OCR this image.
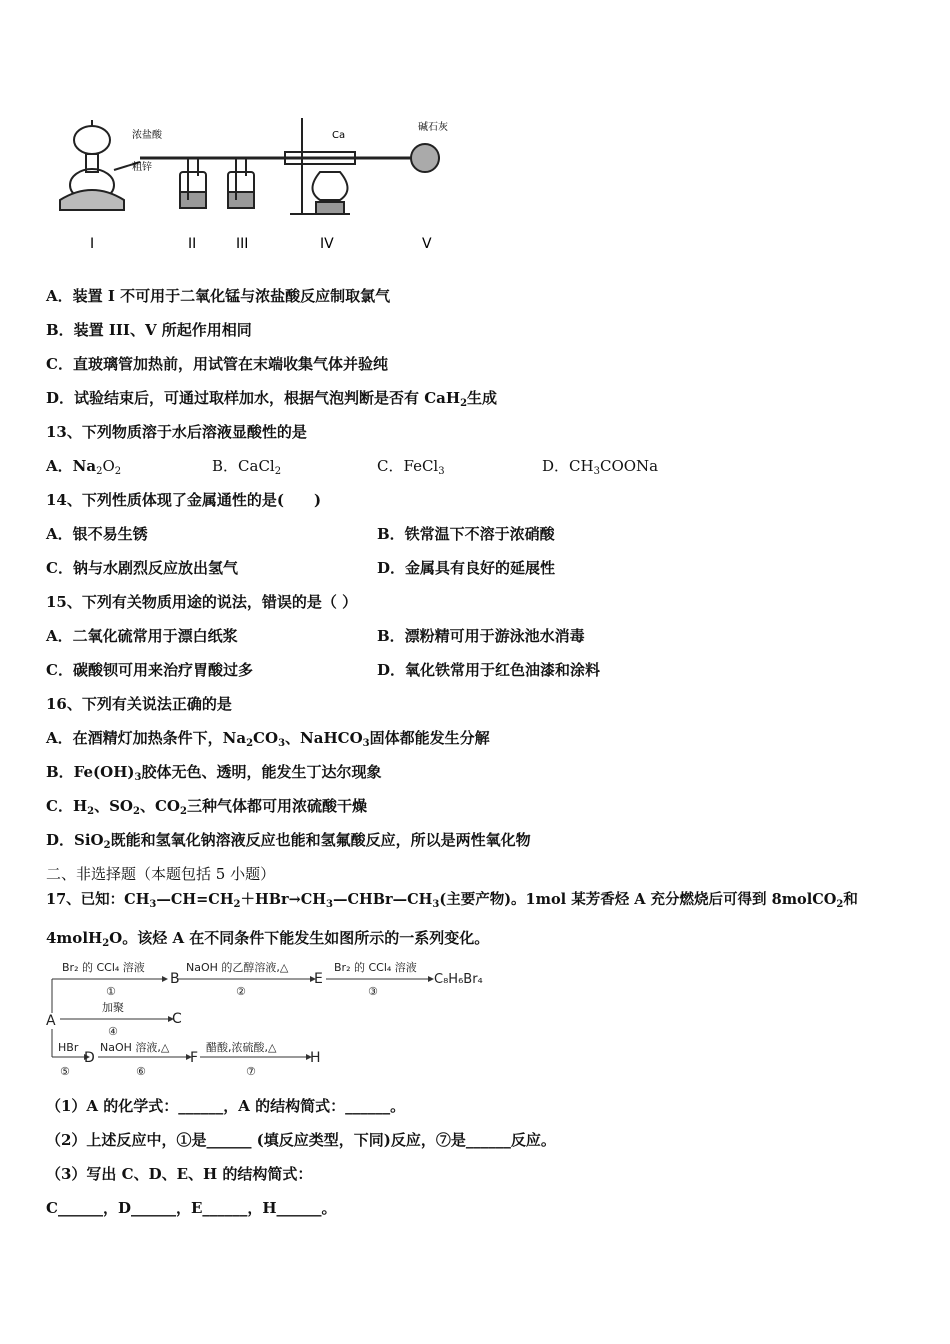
浓盐酸
粗锌
Ca
碱石灰
I	II	III	IV	V
A．装置 I 不可用于二氧化锰与浓盐酸反应制取氯气
B．装置 III、V 所起作用相同
C．直玻璃管加热前，用试管在末端收集气体并验纯
D．试验结束后，可通过取样加水，根据气泡判断是否有 CaH$_2$生成
13、下列物质溶于水后溶液显酸性的是
A．$Na_2O_2$	B．CaCl$_2$	C．FeCl$_3$	D．$CH_3COONa$
14、下列性质体现了金属通性的是(　　)
A．银不易生锈	B．铁常温下不溶于浓硝酸
C．钠与水剧烈反应放出氢气	D．金属具有良好的延展性
15、下列有关物质用途的说法，错误的是（ ）
A．二氧化硫常用于漂白纸浆	B．漂粉精可用于游泳池水消毒
C．碳酸钡可用来治疗胃酸过多	D．氧化铁常用于红色油漆和涂料
16、下列有关说法正确的是
A．在酒精灯加热条件下，$Na_2CO_3$、NaHCO$_3$固体都能发生分解
B．$Fe(OH)_3$胶体无色、透明，能发生丁达尔现象
C．$H_2$、$SO_2$、$CO_2$三种气体都可用浓硫酸干燥
D．SiO$_2$既能和氢氧化钠溶液反应也能和氢氟酸反应，所以是两性氧化物
二、非选择题（本题包括 5 小题）
17、已知：$CH_3—CH=CH_2+HBr\to CH_3—CHBr—CH_3$(主要产物)。1mol 某芳香烃 A 充分燃烧后可得到 8molCO$_2$和
4molH$_2$O。该烃 A 在不同条件下能发生如图所示的一系列变化。
Br₂ 的 CCl₄ 溶液
①
B
NaOH 的乙醇溶液,△
②
E
Br₂ 的 CCl₄ 溶液
③
C₈H₆Br₄
A
加聚
④
C
HBr
⑤
D
NaOH 溶液,△
⑥
F
醋酸,浓硫酸,△
⑦
H
（1）A 的化学式：______，A 的结构简式：______。
（2）上述反应中，①是______ (填反应类型，下同)反应，⑦是______反应。
（3）写出 C、D、E、H 的结构简式：
C______，D______，E______，H______。
